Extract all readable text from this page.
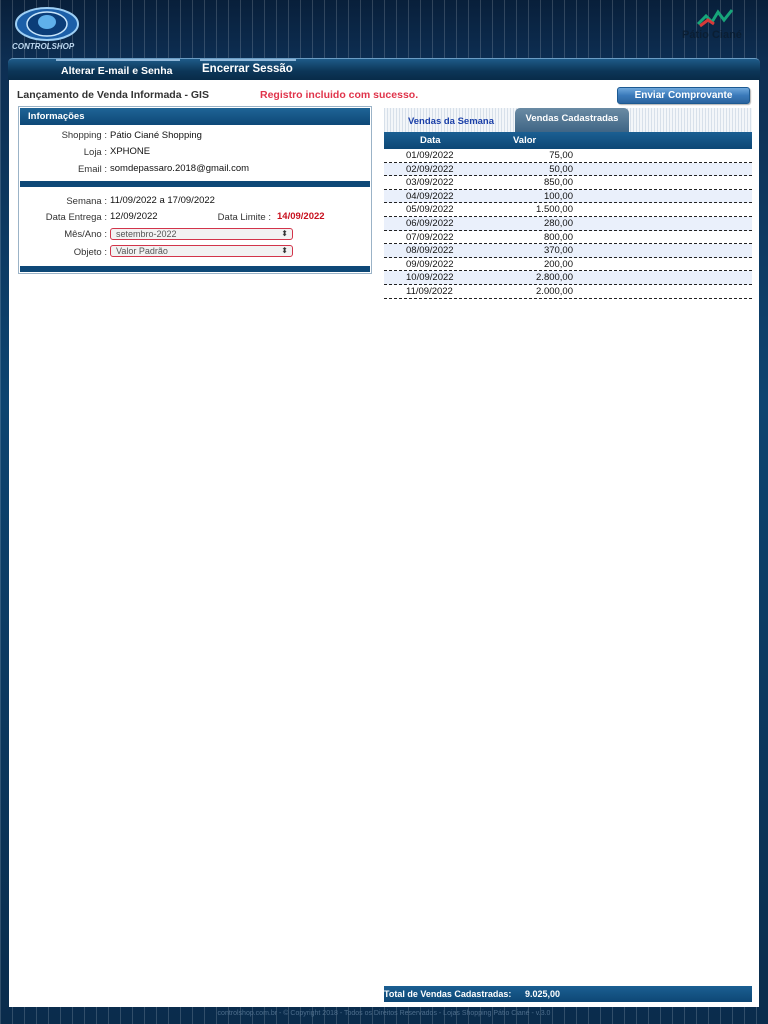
CONTROLSHOP
Pátio Ciané
Alterar E-mail e Senha	Encerrar Sessão
Lançamento de Venda Informada - GIS	Registro incluido com sucesso.	Enviar Comprovante
Informações
Shopping : Pátio Ciané Shopping
Loja : XPHONE
Email : somdepassaro.2018@gmail.com
Semana : 11/09/2022 a 17/09/2022
Data Entrega : 12/09/2022	Data Limite : 14/09/2022
Mês/Ano :	setembro-2022	⬍
Objeto :	Valor Padrão	⬍
Vendas da Semana	Vendas Cadastradas
Data	Valor
01/09/2022	75,00
02/09/2022	50,00
03/09/2022	850,00
04/09/2022	100,00
05/09/2022	1.500,00
06/09/2022	280,00
07/09/2022	800,00
08/09/2022	370,00
09/09/2022	200,00
10/09/2022	2.800,00
11/09/2022	2.000,00
Total de Vendas Cadastradas: 9.025,00
controlshop.com.br - © Copyright 2018 - Todos os Direitos Reservados - Lojas Shopping Pátio Ciané - v.3.0
